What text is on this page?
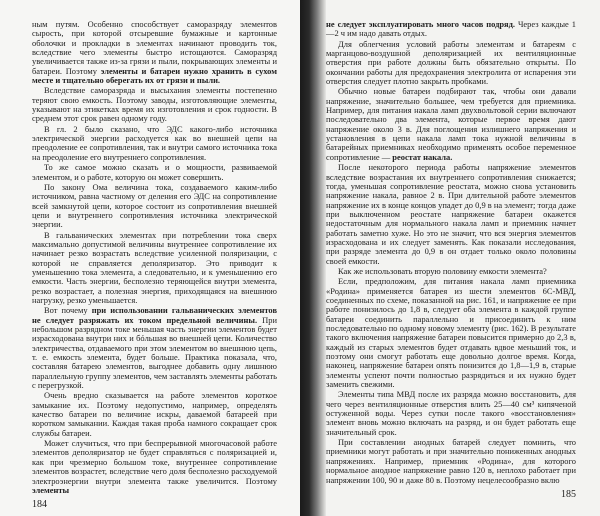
ным путям. Особенно способствует саморазряду элементов сырость, при которой отсыревшие бумажные и картонные оболочки и прокладки в элементах начинают проводить ток, вследствие чего элементы быстро истощаются. Саморазряд увеличивается также из-за грязи и пыли, покрывающих элементы и батареи. Поэтому элементы и батареи нужно хранить в сухом месте и тщательно оберегать их от грязи и пыли.

Вследствие саморазряда и высыхания элементы постепенно теряют свою емкость. Поэтому заводы, изготовляющие элементы, указывают на этикетках время их изготовления и срок годности. В среднем этот срок равен одному году.

В гл. 2 было сказано, что ЭДС какого-либо источника электрической энергии расходуется как во внешней цепи на преодоление ее сопротивления, так и внутри самого источника тока на преодоление его внутреннего сопротивления.

То же самое можно сказать и о мощности, развиваемой элементом, и о работе, которую он может совершить.

По закону Ома величина тока, создаваемого каким-либо источником, равна частному от деления его ЭДС на сопротивление всей замкнутой цепи, которое состоит из сопротивления внешней цепи и внутреннего сопротивления источника электрической энергии.

В гальванических элементах при потреблении тока сверх максимально допустимой величины внутреннее сопротивление их начинает резко возрастать вследствие усиленной поляризации, с которой не справляется деполяризатор. Это приводит к уменьшению тока элемента, а следовательно, и к уменьшению его емкости. Часть энергии, бесполезно теряющейся внутри элемента, резко возрастает, а полезная энергия, приходящаяся на внешнюю нагрузку, резко уменьшается.

Вот почему при использовании гальванических элементов не следует разряжать их током предельной величины. При небольшом разрядном токе меньшая часть энергии элементов будет израсходована внутри них и бóльшая во внешней цепи. Количество электричества, отдаваемого при этом элементом во внешнюю цепь, т. е. емкость элемента, будет больше. Практика показала, что, составляя батарею элементов, выгоднее добавить одну лишнюю параллельную группу элементов, чем заставлять элементы работать с перегрузкой.

Очень вредно сказывается на работе элементов короткое замыкание их. Поэтому недопустимо, например, определять качество батареи по величине искры, даваемой батареей при коротком замыкании. Каждая такая проба намного сокращает срок службы батареи.

Может случиться, что при беспрерывной многочасовой работе элементов деполяризатор не будет справляться с поляризацией и, как при чрезмерно большом токе, внутреннее сопротивление элементов возрастет, вследствие чего доля бесполезно расходуемой электроэнергии внутри элемента также увеличится. Поэтому элементы

184

не следует эксплуатировать много часов подряд. Через каждые 1—2 ч им надо давать отдых.

Для облегчения условий работы элементам и батареям с марганцово-воздушной деполяризацией их вентиляционные отверстия при работе должны быть обязательно открыты. По окончании работы для предохранения электролита от испарения эти отверстия следует плотно закрыть пробками.

Обычно новые батареи подбирают так, чтобы они давали напряжение, значительно большее, чем требуется для приемника. Например, для питания накала ламп двухвольтовой серии включают последовательно два элемента, которые первое время дают напряжение около 3 в. Для поглощения излишнего напряжения и установления в цепи накала ламп тока нужной величины в батарейных приемниках необходимо применять особое переменное сопротивление — реостат накала.

После некоторого периода работы напряжение элементов вследствие возрастания их внутреннего сопротивления снижается; тогда, уменьшая сопротивление реостата, можно снова установить напряжение накала, равное 2 в. При длительной работе элементов напряжение их в конце концов упадет до 0,9 в на элемент; тогда даже при выключенном реостате напряжение батареи окажется недостаточным для нормального накала ламп и приемник начнет работать заметно хуже. Но это не значит, что вся энергия элементов израсходована и их следует заменять. Как показали исследования, при разряде элемента до 0,9 в он отдает только около половины своей емкости.

Как же использовать вторую половину емкости элемента?

Если, предположим, для питания накала ламп приемника «Родина» применяется батарея из шести элементов 6С-МВД, соединенных по схеме, показанной на рис. 161, и напряжение ее при работе понизилось до 1,8 в, следует оба элемента в каждой группе батареи соединить параллельно и присоединить к ним последовательно по одному новому элементу (рис. 162). В результате такого включения напряжение батареи повысится примерно до 2,3 в, каждый из старых элементов будет отдавать вдвое меньший ток, и поэтому они смогут работать еще довольно долгое время. Когда, наконец, напряжение батареи опять понизится до 1,8—1,9 в, старые элементы успеют почти полностью разрядиться и их нужно будет заменить свежими.

Элементы типа МВД после их разряда можно восстановить, для чего через вентиляционные отверстия влить 25—40 см³ кипяченой остуженной воды. Через сутки после такого «восстановления» элемент вновь можно включать на разряд, и он будет работать еще значительный срок.

При составлении анодных батарей следует помнить, что приемники могут работать и при значительно пониженных анодных напряжениях. Например, приемник «Родина», для которого нормальное анодное напряжение равно 120 в, неплохо работает при напряжении 100, 90 и даже 80 в. Поэтому нецелесообразно вклю

185
